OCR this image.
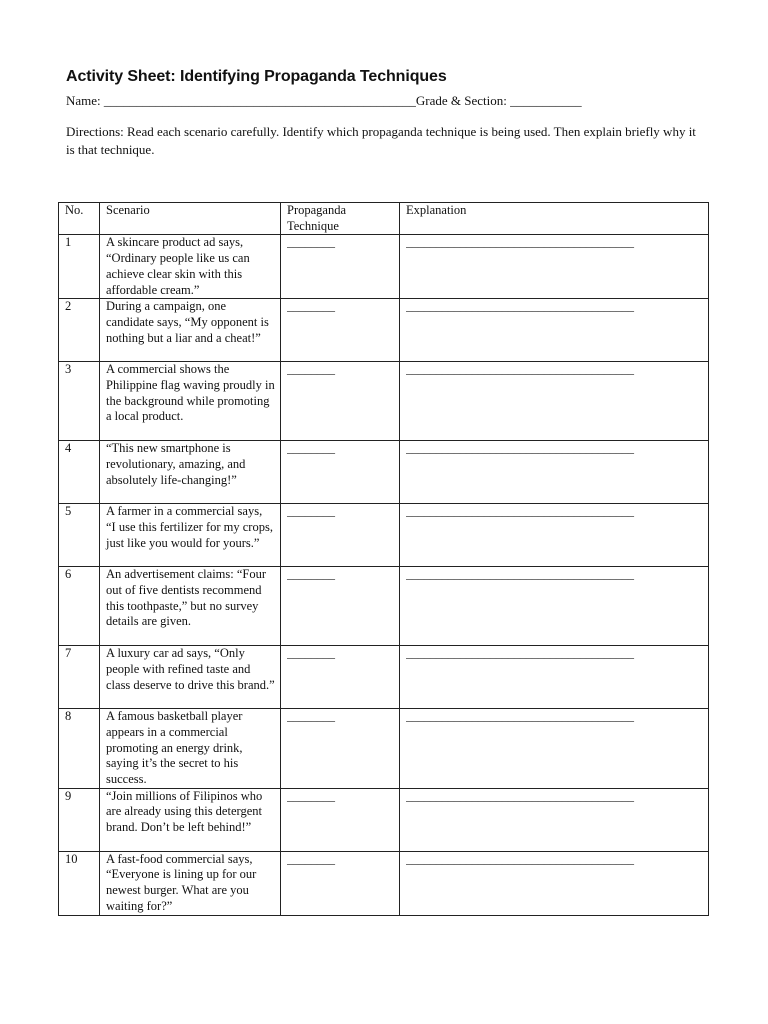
Activity Sheet: Identifying Propaganda Techniques
Name: ________________________________________________Grade & Section: ___________
Directions: Read each scenario carefully. Identify which propaganda technique is being used. Then explain briefly why it is that technique.
No.	Scenario	Propaganda Technique	Explanation
1	A skincare product ad says, “Ordinary people like us can achieve clear skin with this affordable cream.”	________	______________________________________

2	During a campaign, one candidate says, “My opponent is nothing but a liar and a cheat!”	________	______________________________________

3	A commercial shows the Philippine flag waving proudly in the background while promoting a local product.	________	______________________________________

4	“This new smartphone is revolutionary, amazing, and absolutely life-changing!”	________	______________________________________

5	A farmer in a commercial says, “I use this fertilizer for my crops, just like you would for yours.”	________	______________________________________

6	An advertisement claims: “Four out of five dentists recommend this toothpaste,” but no survey details are given.	________	______________________________________

7	A luxury car ad says, “Only people with refined taste and class deserve to drive this brand.”	________	______________________________________

8	A famous basketball player appears in a commercial promoting an energy drink, saying it’s the secret to his success.	________	______________________________________

9	“Join millions of Filipinos who are already using this detergent brand. Don’t be left behind!”	________	______________________________________

10	A fast-food commercial says, “Everyone is lining up for our newest burger. What are you waiting for?”	________	______________________________________
